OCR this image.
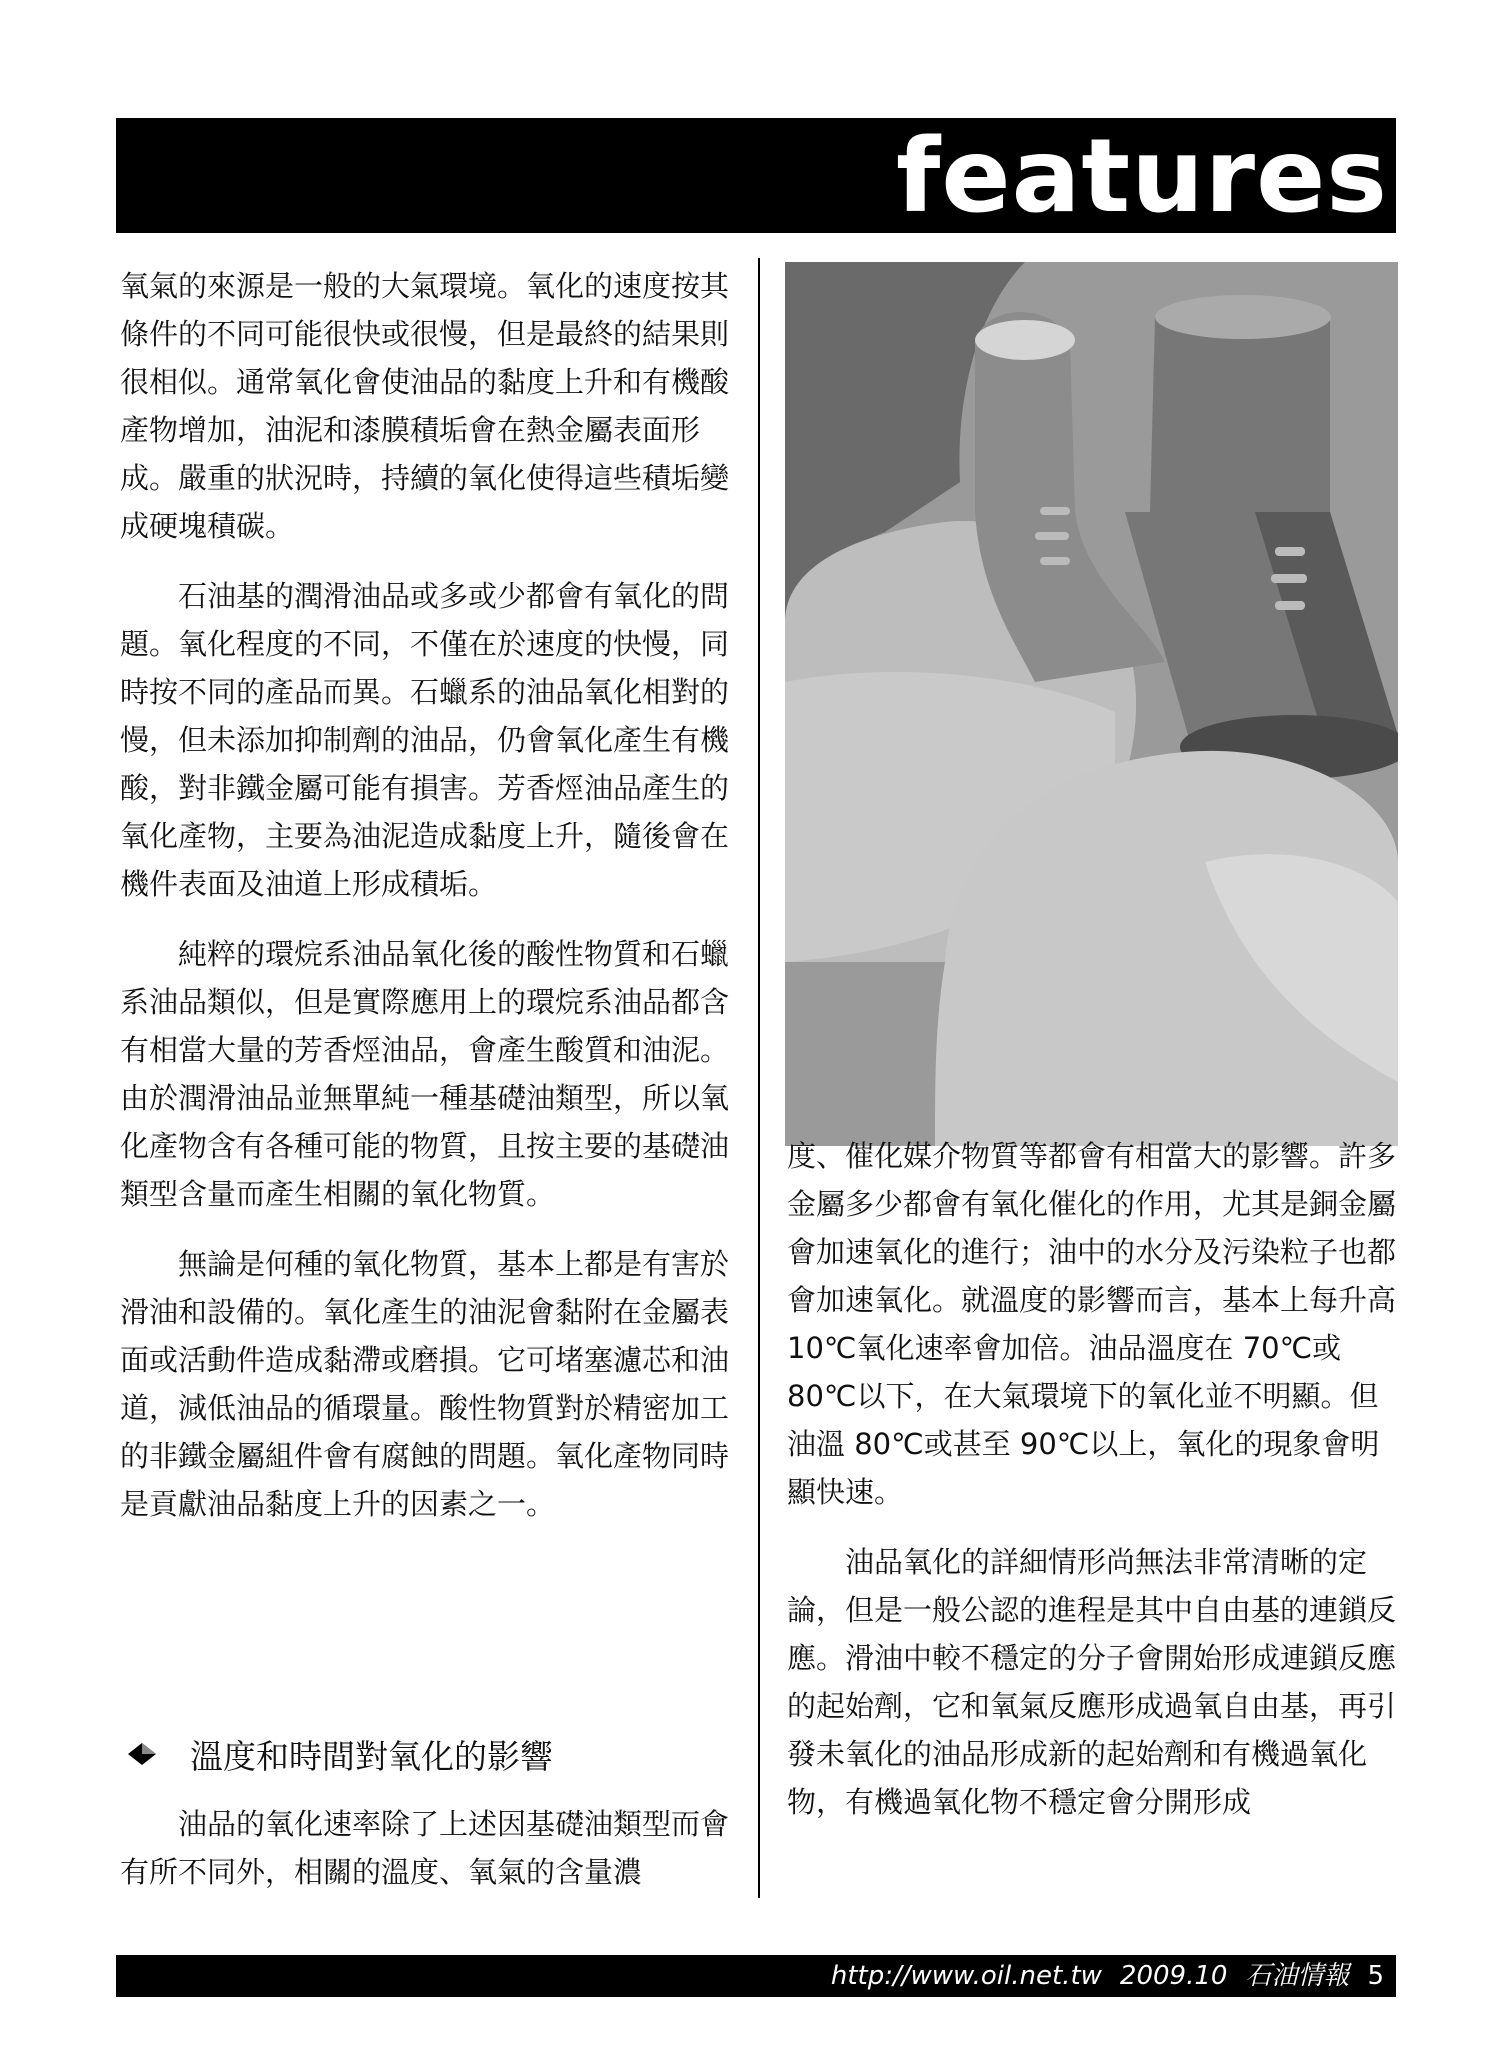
features

氧氣的來源是一般的大氣環境。氧化的速度按其條件的不同可能很快或很慢，但是最終的結果則很相似。通常氧化會使油品的黏度上升和有機酸產物增加，油泥和漆膜積垢會在熱金屬表面形成。嚴重的狀況時，持續的氧化使得這些積垢變成硬塊積碳。

石油基的潤滑油品或多或少都會有氧化的問題。氧化程度的不同，不僅在於速度的快慢，同時按不同的產品而異。石蠟系的油品氧化相對的慢，但未添加抑制劑的油品，仍會氧化產生有機酸，對非鐵金屬可能有損害。芳香烴油品產生的氧化產物，主要為油泥造成黏度上升，隨後會在機件表面及油道上形成積垢。

純粹的環烷系油品氧化後的酸性物質和石蠟系油品類似，但是實際應用上的環烷系油品都含有相當大量的芳香烴油品，會產生酸質和油泥。由於潤滑油品並無單純一種基礎油類型，所以氧化產物含有各種可能的物質，且按主要的基礎油類型含量而產生相關的氧化物質。

無論是何種的氧化物質，基本上都是有害於滑油和設備的。氧化產生的油泥會黏附在金屬表面或活動件造成黏滯或磨損。它可堵塞濾芯和油道，減低油品的循環量。酸性物質對於精密加工的非鐵金屬組件會有腐蝕的問題。氧化產物同時是貢獻油品黏度上升的因素之一。

溫度和時間對氧化的影響

油品的氧化速率除了上述因基礎油類型而會有所不同外，相關的溫度、氧氣的含量濃

度、催化媒介物質等都會有相當大的影響。許多金屬多少都會有氧化催化的作用，尤其是銅金屬會加速氧化的進行；油中的水分及污染粒子也都會加速氧化。就溫度的影響而言，基本上每升高 10℃氧化速率會加倍。油品溫度在 70℃或 80℃以下，在大氣環境下的氧化並不明顯。但油溫 80℃或甚至 90℃以上，氧化的現象會明顯快速。

油品氧化的詳細情形尚無法非常清晰的定論，但是一般公認的進程是其中自由基的連鎖反應。滑油中較不穩定的分子會開始形成連鎖反應的起始劑，它和氧氣反應形成過氧自由基，再引發未氧化的油品形成新的起始劑和有機過氧化物，有機過氧化物不穩定會分開形成

http://www.oil.net.tw 2009.10 石油情報 5
